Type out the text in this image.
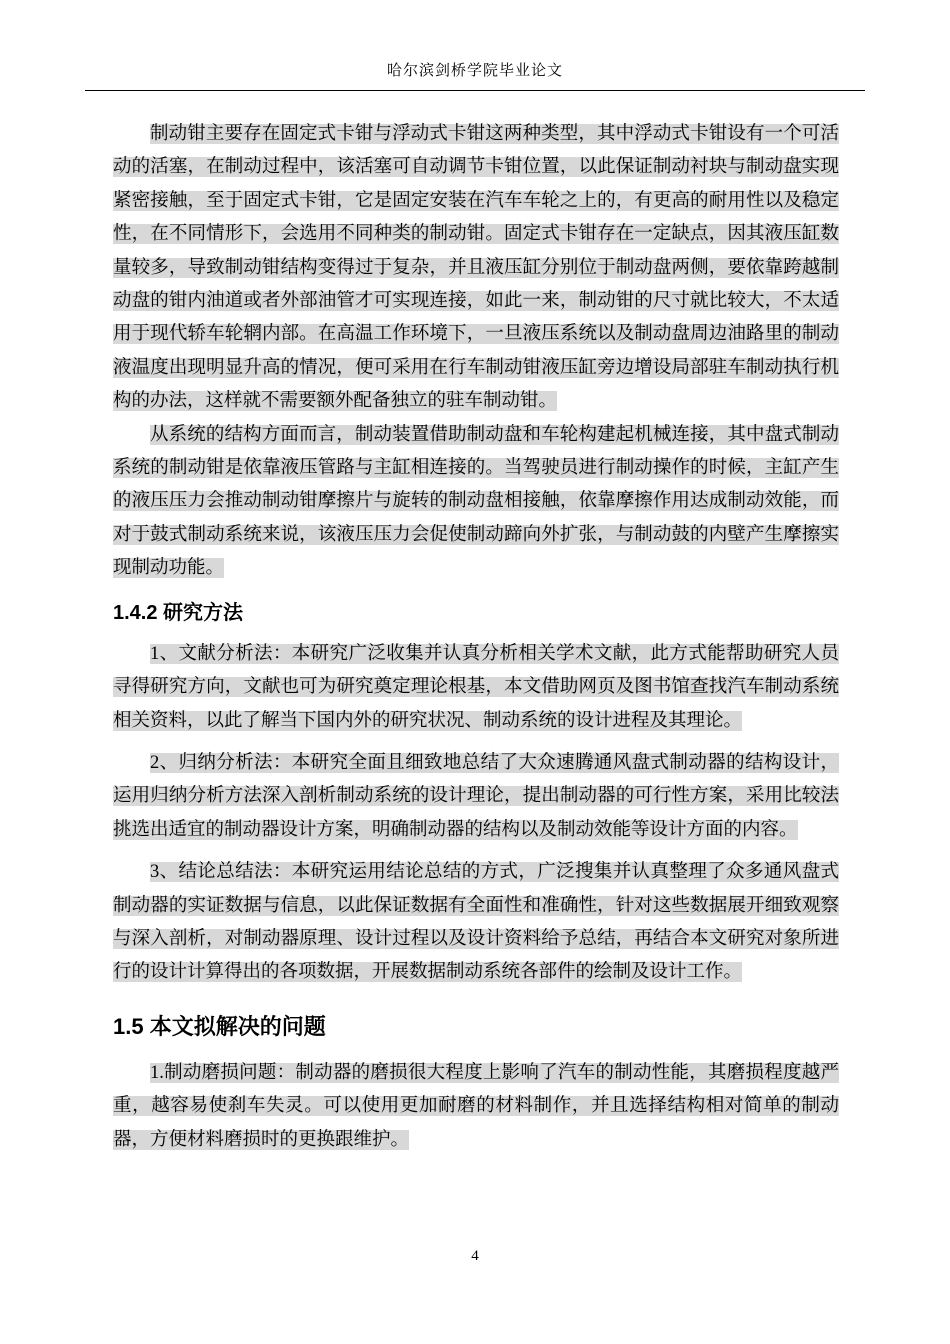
哈尔滨剑桥学院毕业论文

制动钳主要存在固定式卡钳与浮动式卡钳这两种类型，其中浮动式卡钳设有一个可活动的活塞，在制动过程中，该活塞可自动调节卡钳位置，以此保证制动衬块与制动盘实现紧密接触，至于固定式卡钳，它是固定安装在汽车车轮之上的，有更高的耐用性以及稳定性，在不同情形下，会选用不同种类的制动钳。固定式卡钳存在一定缺点，因其液压缸数量较多，导致制动钳结构变得过于复杂，并且液压缸分别位于制动盘两侧，要依靠跨越制动盘的钳内油道或者外部油管才可实现连接，如此一来，制动钳的尺寸就比较大，不太适用于现代轿车轮辋内部。在高温工作环境下，一旦液压系统以及制动盘周边油路里的制动液温度出现明显升高的情况，便可采用在行车制动钳液压缸旁边增设局部驻车制动执行机构的办法，这样就不需要额外配备独立的驻车制动钳。

从系统的结构方面而言，制动装置借助制动盘和车轮构建起机械连接，其中盘式制动系统的制动钳是依靠液压管路与主缸相连接的。当驾驶员进行制动操作的时候，主缸产生的液压压力会推动制动钳摩擦片与旋转的制动盘相接触，依靠摩擦作用达成制动效能，而对于鼓式制动系统来说，该液压压力会促使制动蹄向外扩张，与制动鼓的内壁产生摩擦实现制动功能。

1.4.2 研究方法

1、文献分析法：本研究广泛收集并认真分析相关学术文献，此方式能帮助研究人员寻得研究方向，文献也可为研究奠定理论根基，本文借助网页及图书馆查找汽车制动系统相关资料，以此了解当下国内外的研究状况、制动系统的设计进程及其理论。

2、归纳分析法：本研究全面且细致地总结了大众速腾通风盘式制动器的结构设计，运用归纳分析方法深入剖析制动系统的设计理论，提出制动器的可行性方案，采用比较法挑选出适宜的制动器设计方案，明确制动器的结构以及制动效能等设计方面的内容。

3、结论总结法：本研究运用结论总结的方式，广泛搜集并认真整理了众多通风盘式制动器的实证数据与信息，以此保证数据有全面性和准确性，针对这些数据展开细致观察与深入剖析，对制动器原理、设计过程以及设计资料给予总结，再结合本文研究对象所进行的设计计算得出的各项数据，开展数据制动系统各部件的绘制及设计工作。

1.5 本文拟解决的问题

1.制动磨损问题：制动器的磨损很大程度上影响了汽车的制动性能，其磨损程度越严重，越容易使刹车失灵。可以使用更加耐磨的材料制作，并且选择结构相对简单的制动器，方便材料磨损时的更换跟维护。

4
